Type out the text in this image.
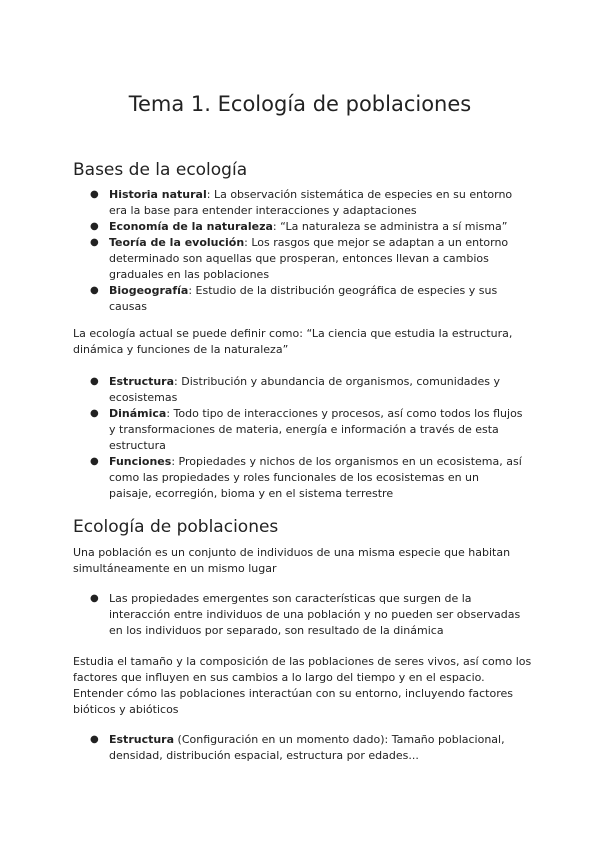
Tema 1. Ecología de poblaciones
Bases de la ecología
● Historia natural: La observación sistemática de especies en su entorno era la base para entender interacciones y adaptaciones
● Economía de la naturaleza: “La naturaleza se administra a sí misma”
● Teoría de la evolución: Los rasgos que mejor se adaptan a un entorno determinado son aquellas que prosperan, entonces llevan a cambios graduales en las poblaciones
● Biogeografía: Estudio de la distribución geográfica de especies y sus causas

La ecología actual se puede definir como: “La ciencia que estudia la estructura, dinámica y funciones de la naturaleza”

● Estructura: Distribución y abundancia de organismos, comunidades y ecosistemas
● Dinámica: Todo tipo de interacciones y procesos, así como todos los flujos y transformaciones de materia, energía e información a través de esta estructura
● Funciones: Propiedades y nichos de los organismos en un ecosistema, así como las propiedades y roles funcionales de los ecosistemas en un paisaje, ecorregión, bioma y en el sistema terrestre
Ecología de poblaciones

Una población es un conjunto de individuos de una misma especie que habitan simultáneamente en un mismo lugar

● Las propiedades emergentes son características que surgen de la interacción entre individuos de una población y no pueden ser observadas en los individuos por separado, son resultado de la dinámica

Estudia el tamaño y la composición de las poblaciones de seres vivos, así como los factores que influyen en sus cambios a lo largo del tiempo y en el espacio. Entender cómo las poblaciones interactúan con su entorno, incluyendo factores bióticos y abióticos

● Estructura (Configuración en un momento dado): Tamaño poblacional, densidad, distribución espacial, estructura por edades...
